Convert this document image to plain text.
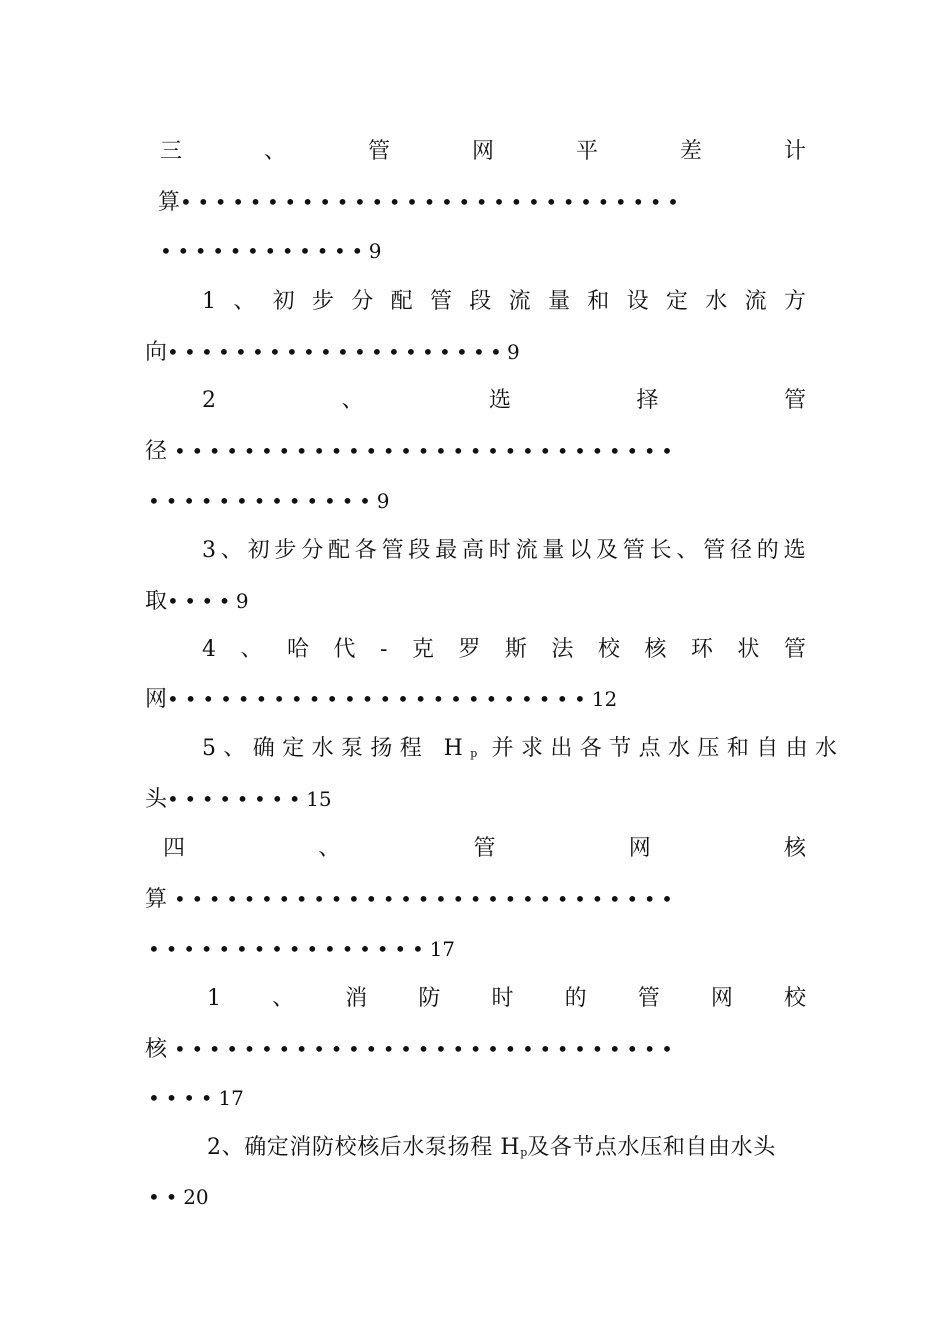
三	、	管	网	平	差	计
算•••••••••••••••••••••••••••••
••••••••••••9
1 、 初 步 分 配 管 段 流 量 和 设 定 水 流 方
向••••••••••••••••••••9
2	、	选	择	管
径 •••••••••••••••••••••••••••••
•••••••••••••9
3、初步分配各管段最高时流量以及管长、管径的选
取••••9
4 、 哈 代 - 克 罗 斯 法 校 核 环 状 管
网••••••••••••••••••••••••12
5、确定水泵扬程 $H_p$ 并求出各节点水压和自由水
头••••••••15
四	、	管	网	核
算 •••••••••••••••••••••••••••••
••••••••••••••••17
1 、 消 防 时 的 管 网 校
核 •••••••••••••••••••••••••••••
••••17
2、确定消防校核后水泵扬程 $H_p$及各节点水压和自由水头
••20
